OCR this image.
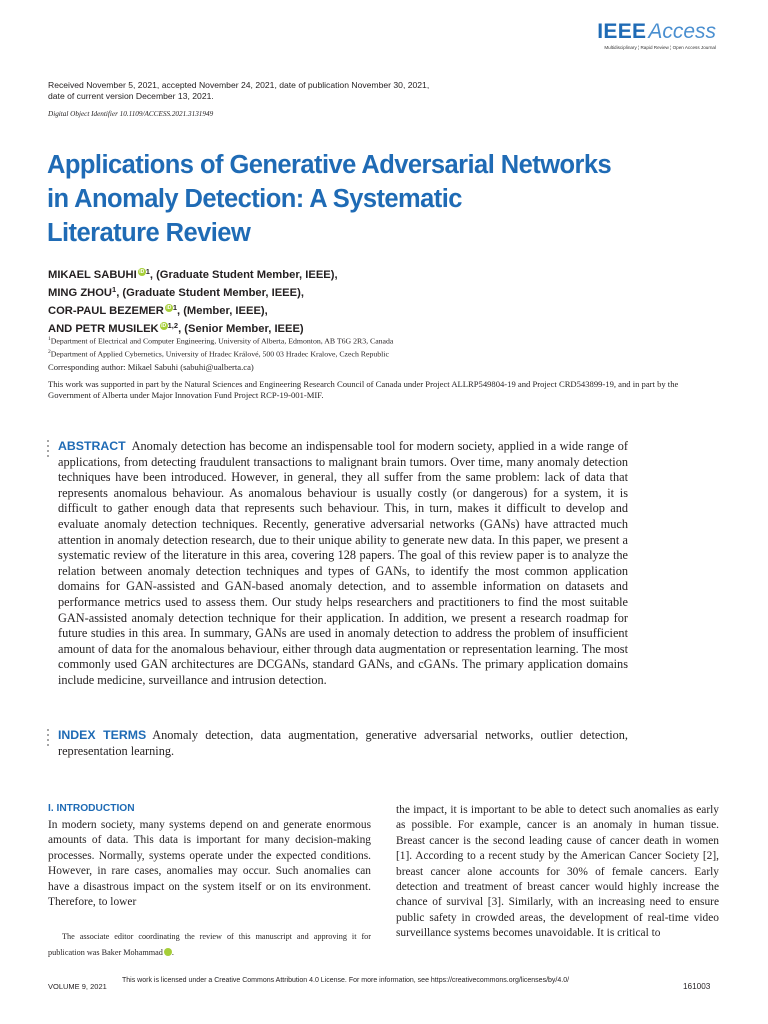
IEEEAccess
Multidisciplinary ¦ Rapid Review ¦ Open Access Journal
Received November 5, 2021, accepted November 24, 2021, date of publication November 30, 2021,
date of current version December 13, 2021.
Digital Object Identifier 10.1109/ACCESS.2021.3131949
Applications of Generative Adversarial Networks
in Anomaly Detection: A Systematic
Literature Review
MIKAEL SABUHI iD $^1$, (Graduate Student Member, IEEE),
MING ZHOU$^1$, (Graduate Student Member, IEEE),
COR-PAUL BEZEMER iD $^1$, (Member, IEEE),
AND PETR MUSILEK iD $^{1,2}$, (Senior Member, IEEE)
$^1$Department of Electrical and Computer Engineering, University of Alberta, Edmonton, AB T6G 2R3, Canada
$^2$Department of Applied Cybernetics, University of Hradec Králové, 500 03 Hradec Kralove, Czech Republic
Corresponding author: Mikael Sabuhi (sabuhi@ualberta.ca)
This work was supported in part by the Natural Sciences and Engineering Research Council of Canada under Project ALLRP549804-19 and Project CRD543899-19, and in part by the Government of Alberta under Major Innovation Fund Project RCP-19-001-MIF.
ABSTRACT Anomaly detection has become an indispensable tool for modern society, applied in a wide range of applications, from detecting fraudulent transactions to malignant brain tumors. Over time, many anomaly detection techniques have been introduced. However, in general, they all suffer from the same problem: lack of data that represents anomalous behaviour. As anomalous behaviour is usually costly (or dangerous) for a system, it is difficult to gather enough data that represents such behaviour. This, in turn, makes it difficult to develop and evaluate anomaly detection techniques. Recently, generative adversarial networks (GANs) have attracted much attention in anomaly detection research, due to their unique ability to generate new data. In this paper, we present a systematic review of the literature in this area, covering 128 papers. The goal of this review paper is to analyze the relation between anomaly detection techniques and types of GANs, to identify the most common application domains for GAN-assisted and GAN-based anomaly detection, and to assemble information on datasets and performance metrics used to assess them. Our study helps researchers and practitioners to find the most suitable GAN-assisted anomaly detection technique for their application. In addition, we present a research roadmap for future studies in this area. In summary, GANs are used in anomaly detection to address the problem of insufficient amount of data for the anomalous behaviour, either through data augmentation or representation learning. The most commonly used GAN architectures are DCGANs, standard GANs, and cGANs. The primary application domains include medicine, surveillance and intrusion detection.
INDEX TERMS Anomaly detection, data augmentation, generative adversarial networks, outlier detection, representation learning.
I. INTRODUCTION
In modern society, many systems depend on and generate enormous amounts of data. This data is important for many decision-making processes. Normally, systems operate under the expected conditions. However, in rare cases, anomalies may occur. Such anomalies can have a disastrous impact on the system itself or on its environment. Therefore, to lower
the impact, it is important to be able to detect such anomalies as early as possible. For example, cancer is an anomaly in human tissue. Breast cancer is the second leading cause of cancer death in women [1]. According to a recent study by the American Cancer Society [2], breast cancer alone accounts for 30% of female cancers. Early detection and treatment of breast cancer would highly increase the chance of survival [3]. Similarly, with an increasing need to ensure public safety in crowded areas, the development of real-time video surveillance systems becomes unavoidable. It is critical to
The associate editor coordinating the review of this manuscript and approving it for publication was Baker Mohammad	iD.
VOLUME 9, 2021
This work is licensed under a Creative Commons Attribution 4.0 License. For more information, see https://creativecommons.org/licenses/by/4.0/
161003
